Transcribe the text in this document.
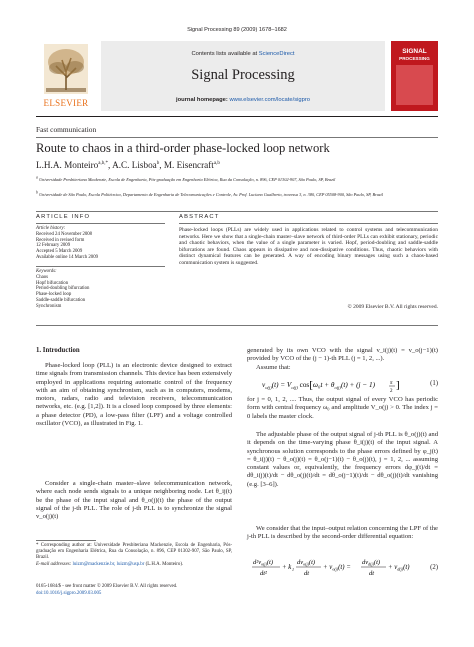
Signal Processing 89 (2009) 1678–1682
ELSEVIER
Contents lists available at ScienceDirect
Signal Processing
journal homepage: www.elsevier.com/locate/sigpro
SIGNAL
PROCESSING
Fast communication
Route to chaos in a third-order phase-locked loop network
L.H.A. Monteiro$^{a,b,*}$, A.C. Lisboa$^b$, M. Eisencraft$^{a,b}$
a Universidade Presbiteriana Mackenzie, Escola de Engenharia, Pós-graduação em Engenharia Elétrica, Rua da Consolação, n. 896, CEP 01302-907, São Paulo, SP, Brazil
b Universidade de São Paulo, Escola Politécnica, Departamento de Engenharia de Telecomunicações e Controle, Av. Prof. Luciano Gualberto, travessa 3, n. 380, CEP 05508-900, São Paulo, SP, Brazil
ARTICLE INFO
Article history:
Received 24 November 2008
Received in revised form
12 February 2009
Accepted 5 March 2009
Available online 14 March 2009
Keywords:
Chaos
Hopf bifurcation
Period-doubling bifurcation
Phase-locked loop
Saddle-saddle bifurcation
Synchronism
ABSTRACT
Phase-locked loops (PLLs) are widely used in applications related to control systems and telecommunication networks. Here we show that a single-chain master–slave network of third-order PLLs can exhibit stationary, periodic and chaotic behaviors, when the value of a single parameter is varied. Hopf, period-doubling and saddle-saddle bifurcations are found. Chaos appears in dissipative and non-dissipative conditions. Thus, chaotic behaviors with distinct dynamical features can be generated. A way of encoding binary messages using such a chaos-based communication system is suggested.
© 2009 Elsevier B.V. All rights reserved.
1. Introduction
Phase-locked loop (PLL) is an electronic device designed to extract time signals from transmission channels. This device has been extensively employed in applications requiring automatic control of the frequency with an aim of obtaining synchronism, such as in computers, modems, motors, radars, radio and television receivers, telecommunication networks, etc. (e.g. [1,2]). It is a closed loop composed by three elements: a phase detector (PD), a low-pass filter (LPF) and a voltage controlled oscillator (VCO), as illustrated in Fig. 1.
Consider a single-chain master–slave telecommunication network, where each node sends signals to a unique neighboring node. Let θ_ij(t) be the phase of the input signal and θ_o(j)(t) the phase of the output signal of the j-th PLL. The role of j-th PLL is to synchronize the signal v_o(j)(t)
* Corresponding author at: Universidade Presbiteriana Mackenzie, Escola de Engenharia, Pós-graduação em Engenharia Elétrica, Rua da Consolação, n. 896, CEP 01302-907, São Paulo, SP, Brazil.
E-mail addresses: luizm@mackenzie.br, luizm@usp.br (L.H.A. Monteiro).
0165-1684/$ - see front matter © 2009 Elsevier B.V. All rights reserved.
doi:10.1016/j.sigpro.2009.03.005
generated by its own VCO with the signal v_i(j)(t) = v_o(j−1)(t) provided by VCO of the (j − 1)-th PLL (j = 1, 2, ...).
Assume that:
$v_{o(j)}(t) = V_{o(j)}$ $\cos[\omega_0t + \theta_{o(j)}(t) + (j - 1)$	π
2
]	(1)
for j = 0, 1, 2, .... Thus, the output signal of every VCO has periodic form with central frequency ω₀ and amplitude V_o(j) > 0. The index j = 0 labels the master clock.
The adjustable phase of the output signal of j-th PLL is θ_o(j)(t) and it depends on the time-varying phase θ_i(j)(t) of the input signal. A synchronous solution corresponds to the phase errors defined by φ_j(t) = θ_i(j)(t) − θ_o(j)(t) = θ_o(j−1)(t) − θ_o(j)(t), j = 1, 2, ... assuming constant values or, equivalently, the frequency errors dφ_j(t)/dt = dθ_i(j)(t)/dt − dθ_o(j)(t)/dt = dθ_o(j−1)(t)/dt − dθ_o(j)(t)/dt vanishing (e.g. [3–6]).
We consider that the input–output relation concerning the LPF of the j-th PLL is described by the second-order differential equation:
$d^2v_{o(j)}(t)$
dt²
+ k 1
$dv_{o(j)}(t)$
dt
+ $v_{o(j)}(t)$ =
$dv_{d(j)}(t)$
dt
+ $v_{d(j)}(t)$	(2)
